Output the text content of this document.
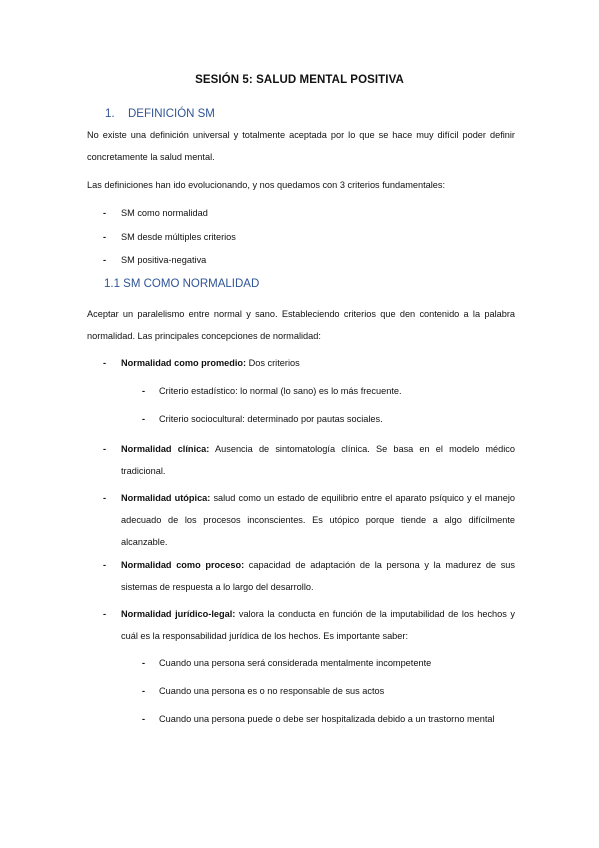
SESIÓN 5: SALUD MENTAL POSITIVA
1. DEFINICIÓN SM
No existe una definición universal y totalmente aceptada por lo que se hace muy difícil poder definir concretamente la salud mental.
Las definiciones han ido evolucionando, y nos quedamos con 3 criterios fundamentales:
- SM como normalidad
- SM desde múltiples criterios
- SM positiva-negativa
1.1 SM COMO NORMALIDAD
Aceptar un paralelismo entre normal y sano. Estableciendo criterios que den contenido a la palabra normalidad. Las principales concepciones de normalidad:
- Normalidad como promedio: Dos criterios
- Criterio estadístico: lo normal (lo sano) es lo más frecuente.
- Criterio sociocultural: determinado por pautas sociales.
- Normalidad clínica: Ausencia de sintomatología clínica. Se basa en el modelo médico tradicional.
- Normalidad utópica: salud como un estado de equilibrio entre el aparato psíquico y el manejo adecuado de los procesos inconscientes. Es utópico porque tiende a algo difícilmente alcanzable.
- Normalidad como proceso: capacidad de adaptación de la persona y la madurez de sus sistemas de respuesta a lo largo del desarrollo.
- Normalidad jurídico-legal: valora la conducta en función de la imputabilidad de los hechos y cuál es la responsabilidad jurídica de los hechos. Es importante saber:
- Cuando una persona será considerada mentalmente incompetente
- Cuando una persona es o no responsable de sus actos
- Cuando una persona puede o debe ser hospitalizada debido a un trastorno mental
